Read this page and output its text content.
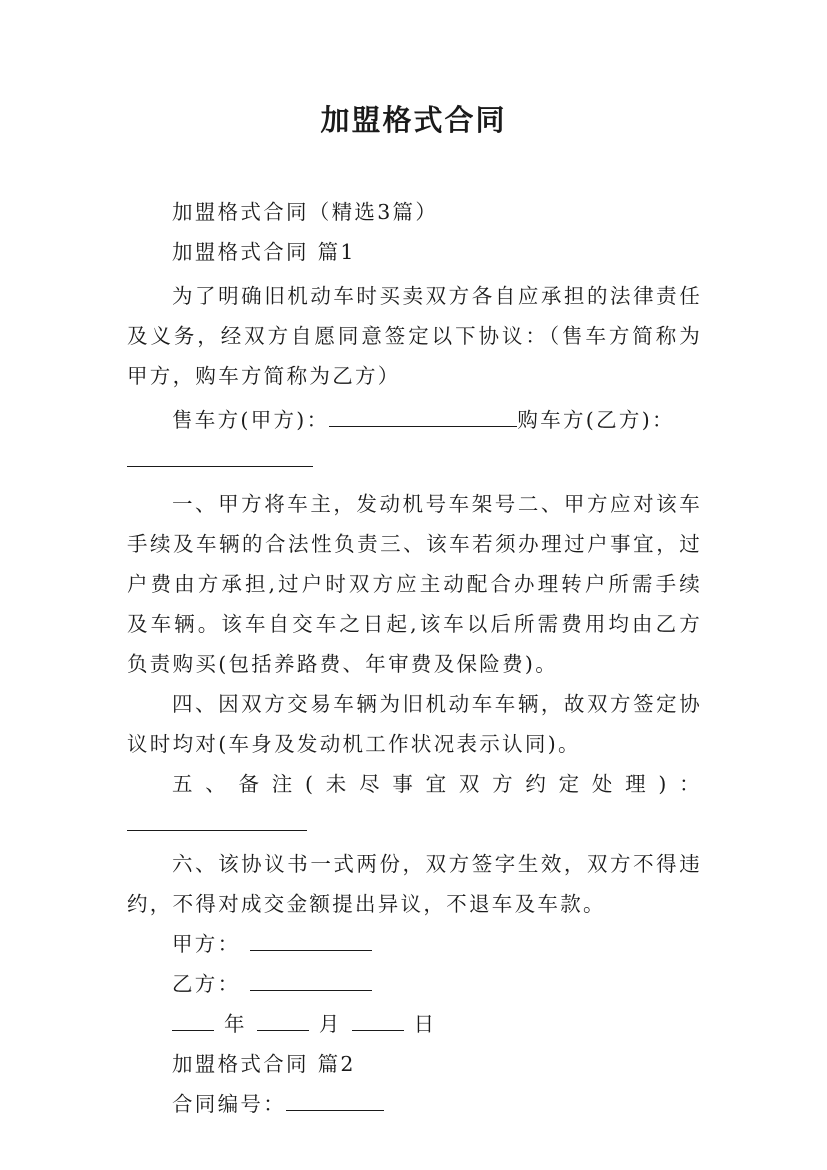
加盟格式合同

加盟格式合同（精选3篇）

加盟格式合同 篇1

为了明确旧机动车时买卖双方各自应承担的法律责任及义务，经双方自愿同意签定以下协议：（售车方简称为甲方，购车方简称为乙方）

售车方(甲方)：	购车方(乙方)：

一、甲方将车主，发动机号车架号二、甲方应对该车手续及车辆的合法性负责三、该车若须办理过户事宜，过户费由方承担,过户时双方应主动配合办理转户所需手续及车辆。该车自交车之日起,该车以后所需费用均由乙方负责购买(包括养路费、年审费及保险费)。

四、因双方交易车辆为旧机动车车辆，故双方签定协议时均对(车身及发动机工作状况表示认同)。

五、备注(未尽事宜双方约定处理)：

六、该协议书一式两份，双方签字生效，双方不得违约，不得对成交金额提出异议，不退车及车款。

甲方：

乙方：

年	月	日

加盟格式合同 篇2

合同编号：
